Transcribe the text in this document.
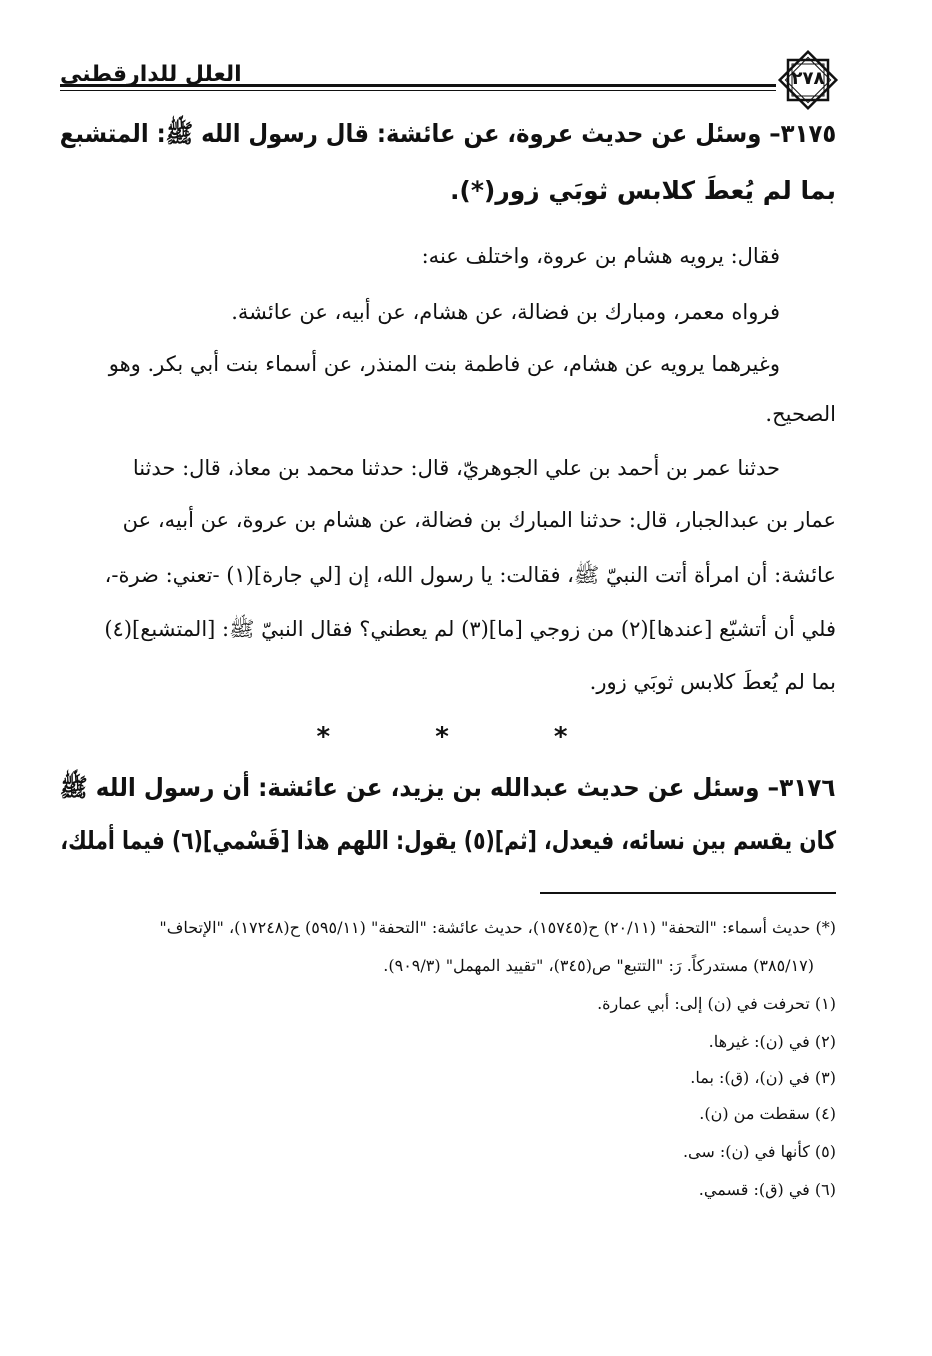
العلل للدارقطني	٢٧٨
٣١٧٥– وسئل عن حديث عروة، عن عائشة: قال رسول الله ﷺ: المتشبع
بما لم يُعطَ كلابس ثوبَي زور(*).
فقال: يرويه هشام بن عروة، واختلف عنه:
فرواه معمر، ومبارك بن فضالة، عن هشام، عن أبيه، عن عائشة.
وغيرهما يرويه عن هشام، عن فاطمة بنت المنذر، عن أسماء بنت أبي بكر. وهو
الصحيح.
حدثنا عمر بن أحمد بن علي الجوهريّ، قال: حدثنا محمد بن معاذ، قال: حدثنا
عمار بن عبدالجبار، قال: حدثنا المبارك بن فضالة، عن هشام بن عروة، عن أبيه، عن
عائشة: أن امرأة أتت النبيّ ﷺ، فقالت: يا رسول الله، إن [لي جارة](١) -تعني: ضرة-،
فلي أن أتشبّع [عندها](٢) من زوجي [ما](٣) لم يعطني؟ فقال النبيّ ﷺ: [المتشبع](٤)
بما لم يُعطَ كلابس ثوبَي زور.
* * *
٣١٧٦– وسئل عن حديث عبدالله بن يزيد، عن عائشة: أن رسول الله ﷺ
كان يقسم بين نسائه، فيعدل، [ثم](٥) يقول: اللهم هذا [قَسْمي](٦) فيما أملك،
(*) حديث أسماء: "التحفة" (٢٠/١١) ح(١٥٧٤٥)، حديث عائشة: "التحفة" (٥٩٥/١١) ح(١٧٢٤٨)، "الإتحاف"
(٣٨٥/١٧) مستدركاً. رَ: "التتبع" ص(٣٤٥)، "تقييد المهمل" (٩٠٩/٣).
(١) تحرفت في (ن) إلى: أبي عمارة.
(٢) في (ن): غيرها.
(٣) في (ن)، (ق): بما.
(٤) سقطت من (ن).
(٥) كأنها في (ن): سى.
(٦) في (ق): قسمي.
